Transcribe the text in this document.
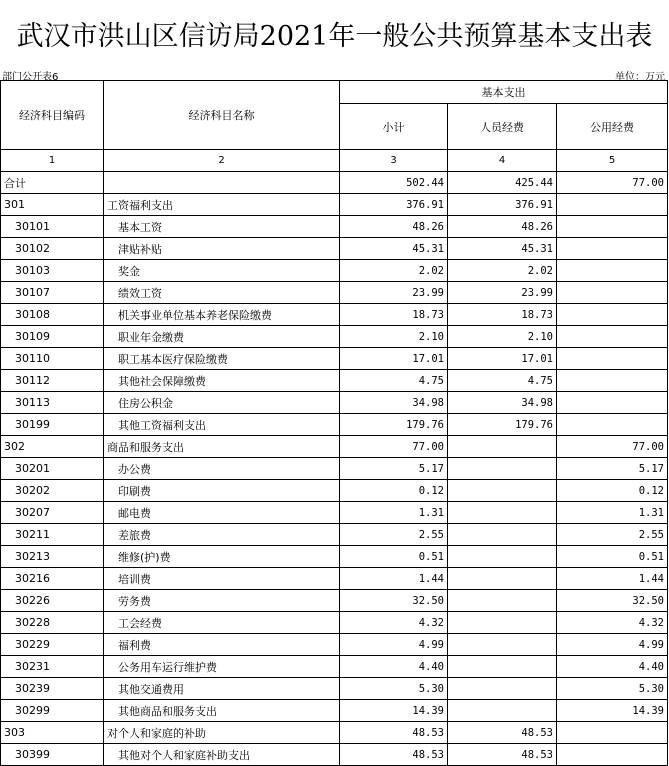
武汉市洪山区信访局2021年一般公共预算基本支出表
部门公开表6	单位：万元
经济科目编码	经济科目名称	基本支出		
		小计	人员经费	公用经费
1	2	3	4	5
合计		502.44	425.44	77.00
301	工资福利支出	376.91	376.91	
30101	基本工资	48.26	48.26	
30102	津贴补贴	45.31	45.31	
30103	奖金	2.02	2.02	
30107	绩效工资	23.99	23.99	
30108	机关事业单位基本养老保险缴费	18.73	18.73	
30109	职业年金缴费	2.10	2.10	
30110	职工基本医疗保险缴费	17.01	17.01	
30112	其他社会保障缴费	4.75	4.75	
30113	住房公积金	34.98	34.98	
30199	其他工资福利支出	179.76	179.76	
302	商品和服务支出	77.00		77.00
30201	办公费	5.17		5.17
30202	印刷费	0.12		0.12
30207	邮电费	1.31		1.31
30211	差旅费	2.55		2.55
30213	维修(护)费	0.51		0.51
30216	培训费	1.44		1.44
30226	劳务费	32.50		32.50
30228	工会经费	4.32		4.32
30229	福利费	4.99		4.99
30231	公务用车运行维护费	4.40		4.40
30239	其他交通费用	5.30		5.30
30299	其他商品和服务支出	14.39		14.39
303	对个人和家庭的补助	48.53	48.53	
30399	其他对个人和家庭补助支出	48.53	48.53	
